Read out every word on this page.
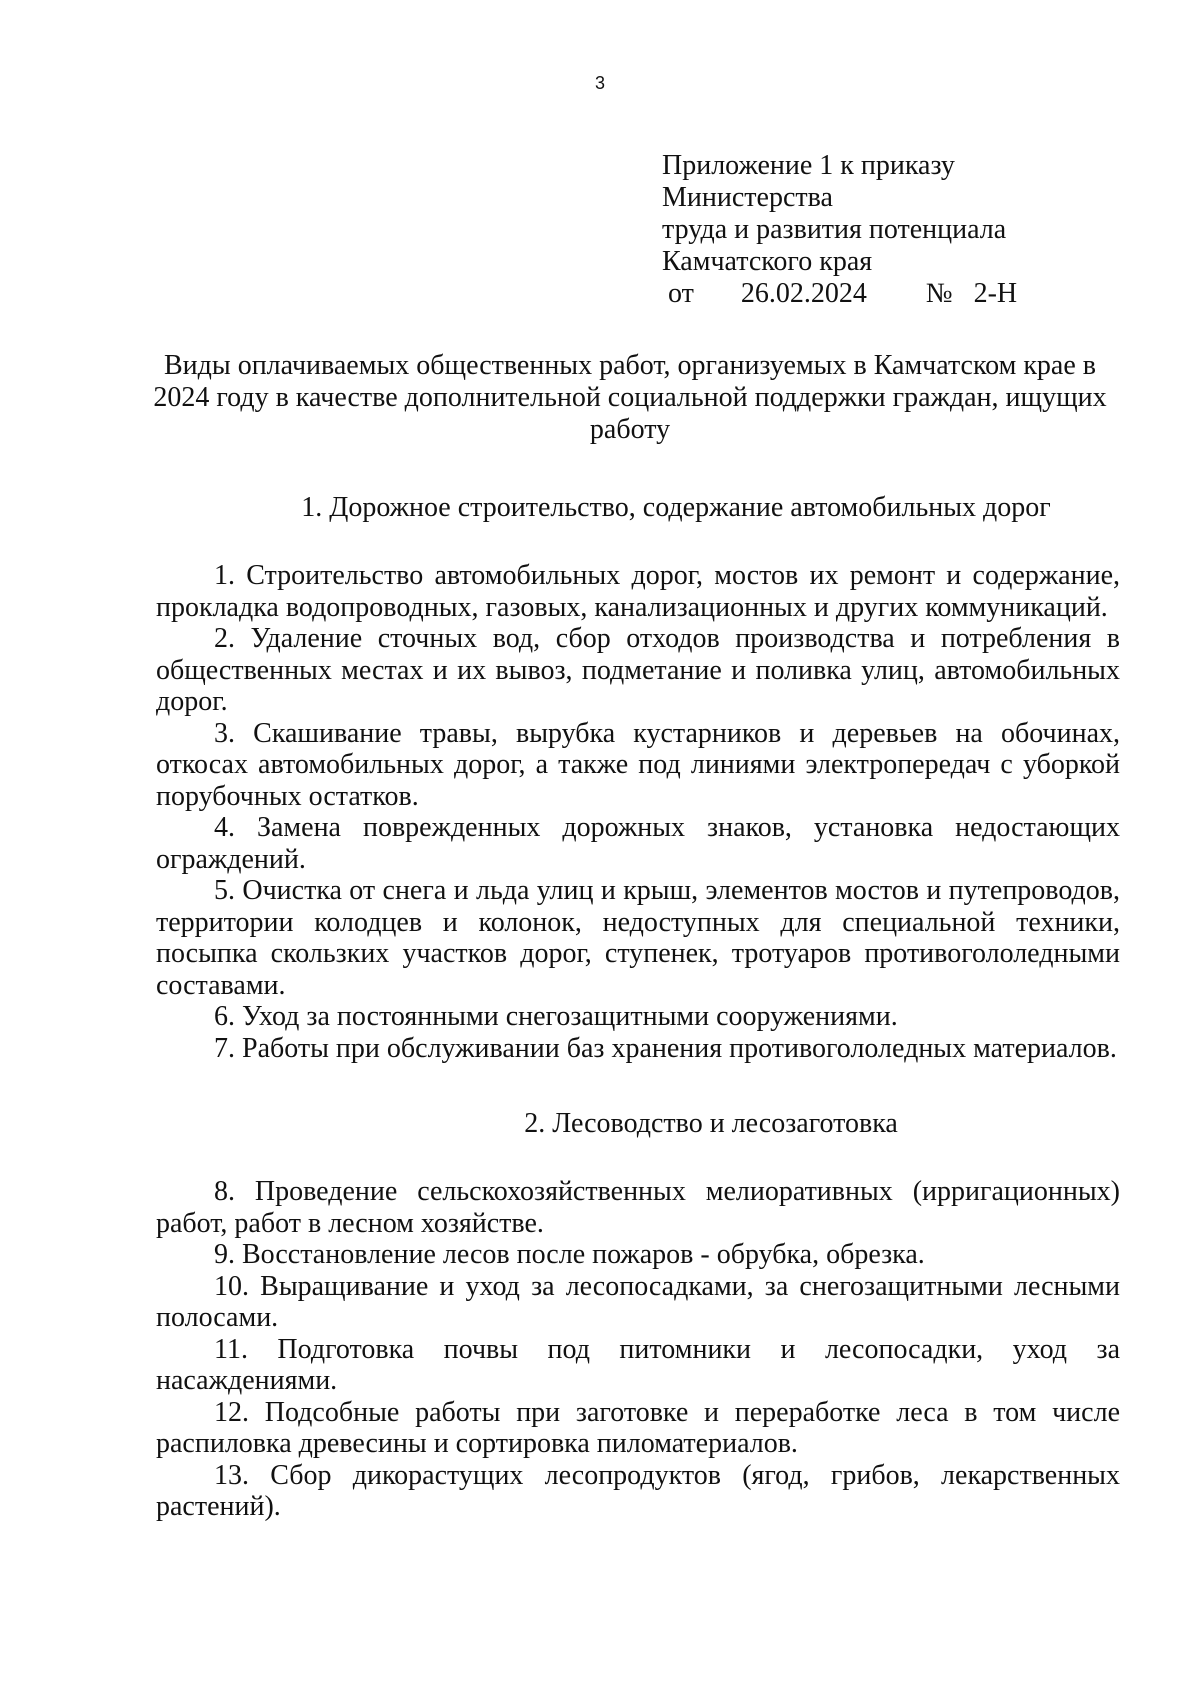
3
Приложение 1 к приказу
Министерства
труда и развития потенциала
Камчатского края
от 26.02.2024 № 2-Н
Виды оплачиваемых общественных работ, организуемых в Камчатском крае в 2024 году в качестве дополнительной социальной поддержки граждан, ищущих работу

1. Дорожное строительство, содержание автомобильных дорог

1. Строительство автомобильных дорог, мостов их ремонт и содержание, прокладка водопроводных, газовых, канализационных и других коммуникаций.

2. Удаление сточных вод, сбор отходов производства и потребления в общественных местах и их вывоз, подметание и поливка улиц, автомобильных дорог.

3. Скашивание травы, вырубка кустарников и деревьев на обочинах, откосах автомобильных дорог, а также под линиями электропередач с уборкой порубочных остатков.

4. Замена поврежденных дорожных знаков, установка недостающих ограждений.

5. Очистка от снега и льда улиц и крыш, элементов мостов и путепроводов, территории колодцев и колонок, недоступных для специальной техники, посыпка скользких участков дорог, ступенек, тротуаров противогололедными составами.

6. Уход за постоянными снегозащитными сооружениями.

7. Работы при обслуживании баз хранения противогололедных материалов.

2. Лесоводство и лесозаготовка

8. Проведение сельскохозяйственных мелиоративных (ирригационных) работ, работ в лесном хозяйстве.

9. Восстановление лесов после пожаров - обрубка, обрезка.

10. Выращивание и уход за лесопосадками, за снегозащитными лесными полосами.

11. Подготовка почвы под питомники и лесопосадки, уход за насаждениями.

12. Подсобные работы при заготовке и переработке леса в том числе распиловка древесины и сортировка пиломатериалов.

13. Сбор дикорастущих лесопродуктов (ягод, грибов, лекарственных растений).
